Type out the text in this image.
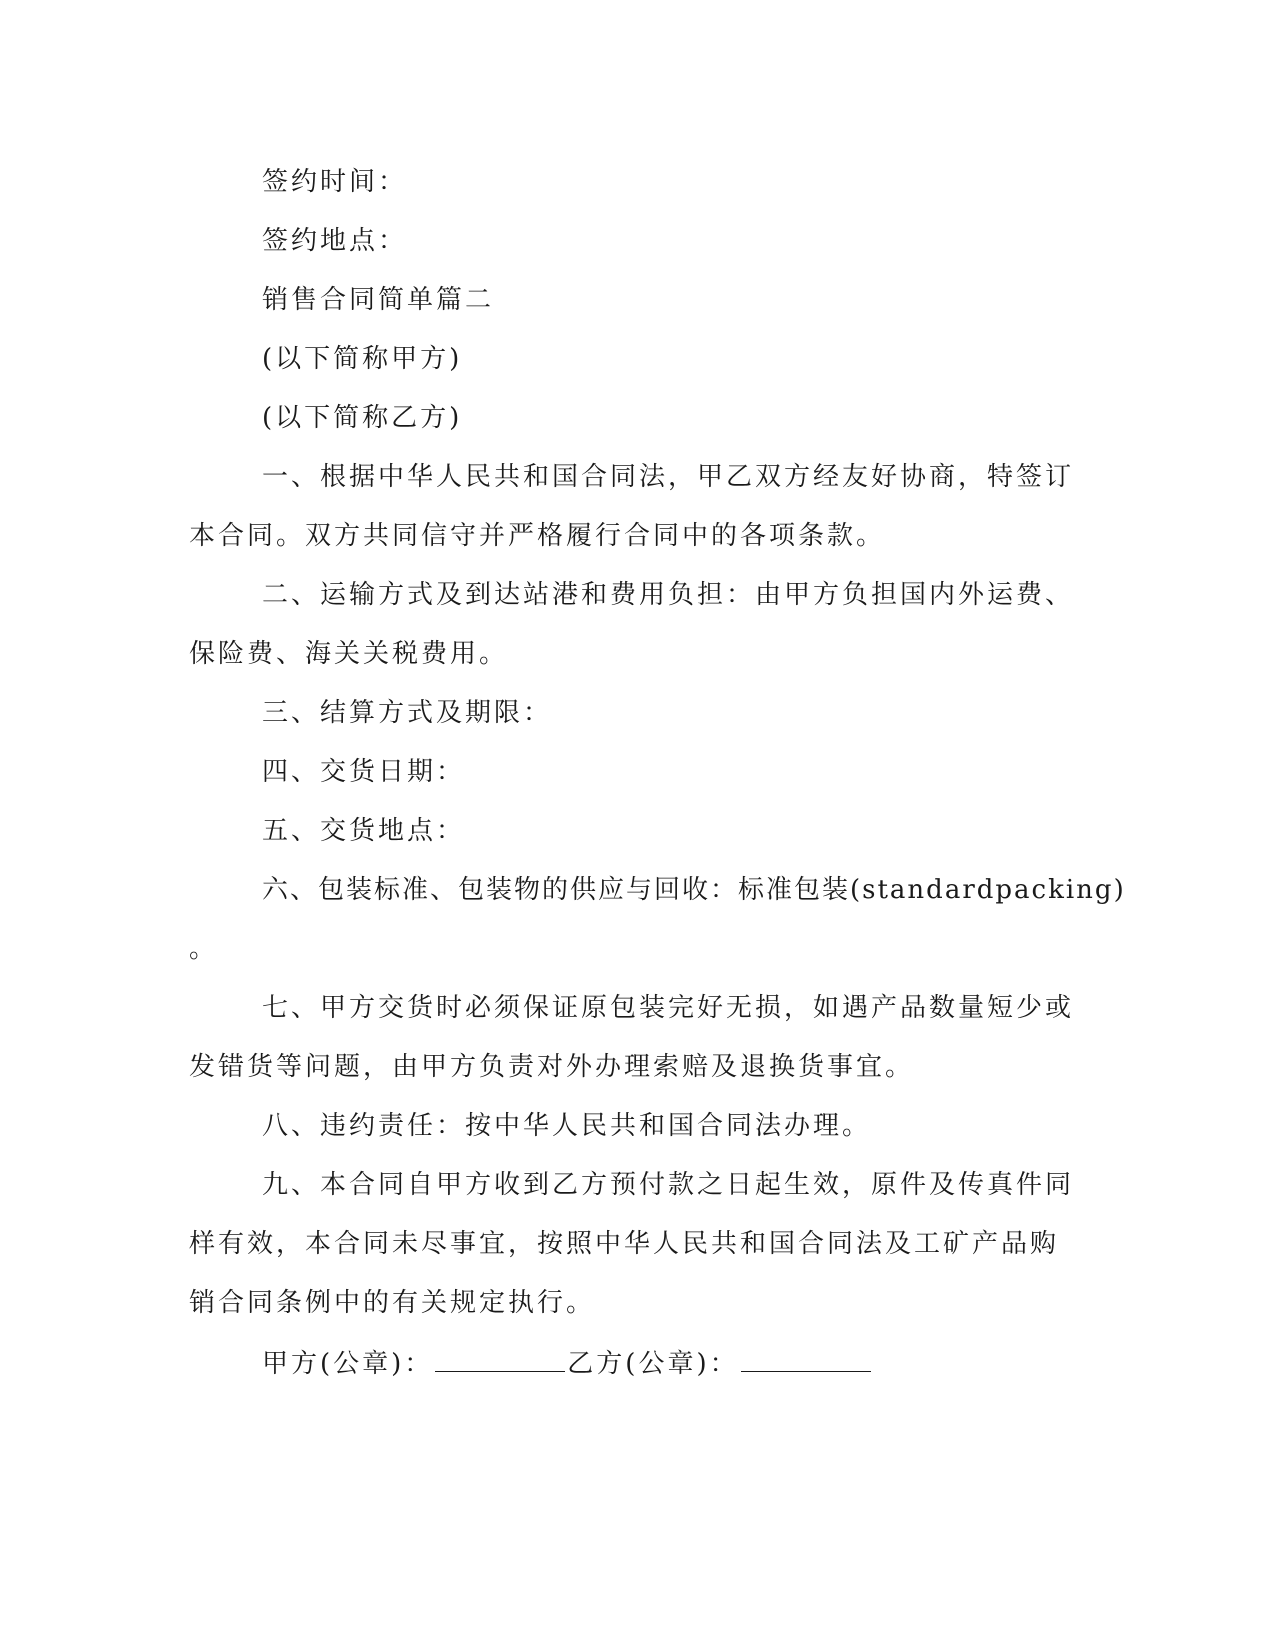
签约时间：
签约地点：
销售合同简单篇二
(以下简称甲方)
(以下简称乙方)
一、根据中华人民共和国合同法，甲乙双方经友好协商，特签订
本合同。双方共同信守并严格履行合同中的各项条款。
二、运输方式及到达站港和费用负担：由甲方负担国内外运费、
保险费、海关关税费用。
三、结算方式及期限：
四、交货日期：
五、交货地点：
六、包装标准、包装物的供应与回收：标准包装(standardpacking)
。
七、甲方交货时必须保证原包装完好无损，如遇产品数量短少或
发错货等问题，由甲方负责对外办理索赔及退换货事宜。
八、违约责任：按中华人民共和国合同法办理。
九、本合同自甲方收到乙方预付款之日起生效，原件及传真件同
样有效，本合同未尽事宜，按照中华人民共和国合同法及工矿产品购
销合同条例中的有关规定执行。
甲方(公章)：	乙方(公章)：
